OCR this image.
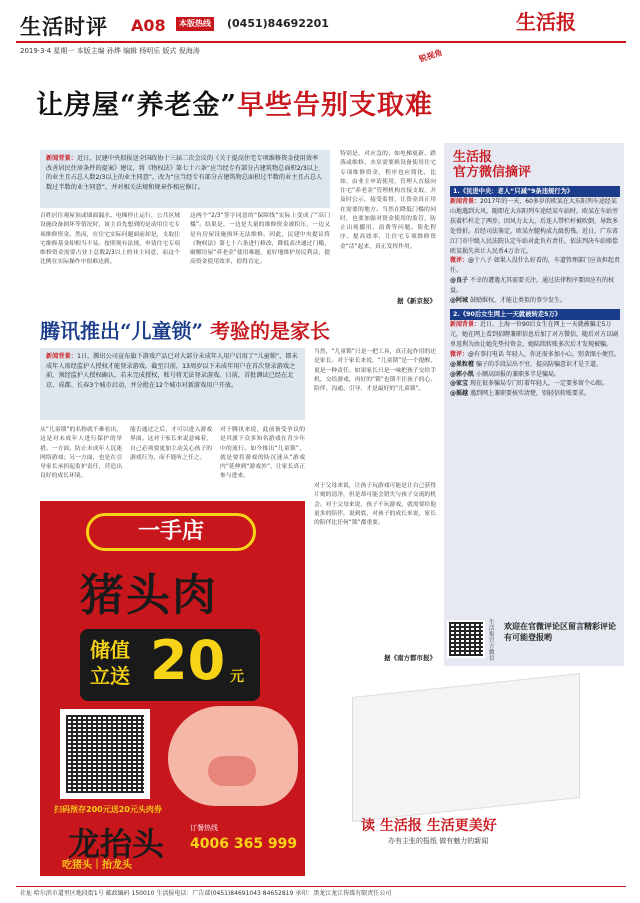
生活时评 A08	本版热线 (0451)84692201	生活报
锐视角
2019·3·4 星期一 本版主编 孙烨 编辑 杨明乐 版式 倪海涛
让房屋“养老金”早些告别支取难
新闻背景：近日，民建中央拟报送全国政协十三届二次会议的《关于提高住宅专项维修资金使用效率改善居民住房条件的提案》建议，将《物权法》第七十六条“应当经专有部分占建筑物总面积2/3以上的业主且占总人数2/3以上的业主同意”，改为“应当经专有部分占建筑物总面积过半数的业主且占总人数过半数的业主同意”，并对相关法规和规章作相应修订。
百姓居住观屋顶或墙面漏水、电梯停止运行，公共区域设施设备损坏等情况时，该主首先想到的是动用住宅专项维修资金。然而，在住宅实际问题面前却是，支取住宅维修基金却相当不易。按照现有法规，申请住宅专项维修资金需要占业主总数2/3以上的业主同意，而这个比例在实际操作中很难达到。
这两个“2/3”签字同意的“保障线”实际上变成了“高门槛”。结果是，一边是大量的维修资金被积压，一边又是有房屋设施损坏无法维修。因此，民建中央提议将《物权法》第七十六条进行修改，降低表决通过门槛，破解房屋“养老金”使用难题，更好地维护居民利益，提高资金使用效率，值得肯定。
特别是，对应急的、如电梯更新、跌落或维修、水泵需要换设备使用住宅专项维修资金，程序也应简化，比如，由业主申请使用，管理人直接向住宅“养老金”管理机构直接支取，并及时公示，接受监督，让资金真正用在需要的地方。当然在降低门槛的同时，也要加强对资金使用的监管，防止出现挪用、浪费等问题。简化程序、提高效率，让住宅专项维修资金“活”起来，真正发挥作用。
据《新京报》
腾讯推出“儿童锁” 考验的是家长
新闻背景：1日，腾讯公司宣布旗下游戏产品已对大部分未成年人用户启用了“儿童锁”，即未成年人需经监护人授权才能登录游戏。截至目前，13周岁以下未成年用户在首次登录游戏之前，须经监护人授权确认，若未完成授权，账号将无法登录游戏。日前，首批测试已经在北京、成都、长春3个城市启动，并分批在12个城市对新游戏用户开放。
从“儿童锁”的名称就不难看出，这是对未成年人进行保护的举措。一方面，防止未成年人沉迷网络游戏；另一方面，也是在引导家长承担起监护责任，营造出良好的成长环境。
能否通过之后，才可以进入游戏界面。这对于家长来说意味着，自己必须要更加主动关心孩子的游戏行为，而不能听之任之。
对于腾讯来说，此前备受争议的是其旗下众多知名游戏在青少年中的流行。如今推出“儿童锁”，就是要将游戏的防沉迷从“游戏内”延伸到“游戏外”，让家长真正参与进来。
当然，“儿童锁”只是一把工具，真正起作用的还是家长。对于家长来说，“儿童锁”是一个提醒，更是一种责任。如果家长只是一味把孩子交给手机、交给游戏，再好的“锁”也锁不住孩子的心。陪伴、沟通、引导，才是最好的“儿童锁”。
对于父母来说，让孩子玩游戏可能是让自己获得片刻的清净，但是却可能会错失与孩子交流的机会。对于父母来说，孩子不玩游戏，就需要给他更多的陪伴。说到底，对孩子的成长来说，家长的陪伴比任何“锁”都重要。
据《南方都市报》
一手店
猪头肉
储值立送 20 元
扫码预存200元送20元头肉券
龙抬头
吃猪头｜抬龙头
订餐热线
4006 365 999
生活报
官方微信摘评
1.《民进中央：老人“只减”9条违规行为》
新闻背景：2017年的一天，60多岁的欧某在大东阳列车途经某山地遇到大风，随即在大东阳列车途经某车站时，欧某在车站旁扶着栏杆走了两步，因风力太大，后连人带栏杆被吹倒，导致多处骨折。后经司法鉴定，欧某左腿构成九级伤残。近日，广东省江门市中级人民法院认定车站对此负有责任，依法判决车站赔偿欧某损失共计人民币4万余元。
微评：@十八子 如果人没什么好看的，车道管理部门应该担起责任。
@良子 不幸的遭遇尤其需要关注，通过法律程序要回应有的权益。
@阿城 鼓励维权，才能让类似的事少发生。
2.《90后女生网上一天就被转走5万》
新闻背景：近日，上海一位90后女生在网上一天就被骗走5万元，她在网上看到招聘兼职信息后加了对方微信，随后对方以刷单返利为由让她先垫付资金，她陆续转账多次后才发现被骗。
微评：@有事打电话 年轻人，你还需多加小心，别贪图小便宜。
@果粒橙 骗子的手段层出不穷，提高防骗意识才是王道。
@郭小凯 小额高回报的兼职多半是骗局。
@家宝 现在很多骗局专门盯着年轻人，一定要多留个心眼。
@摇越 遇到网上兼职要核实清楚，别轻信转账要求。
生活报官方微信
欢迎在官微评论区留言精彩评论有可能登报哟
读 生活报 生活更美好
办有主张的报纸 做有魅力的新闻
社址 哈尔滨市道里区地段街1号 邮政编码 150010 生活报电话：广告部(0451)84691043 84652819 承印：黑龙江龙江传媒有限责任公司
